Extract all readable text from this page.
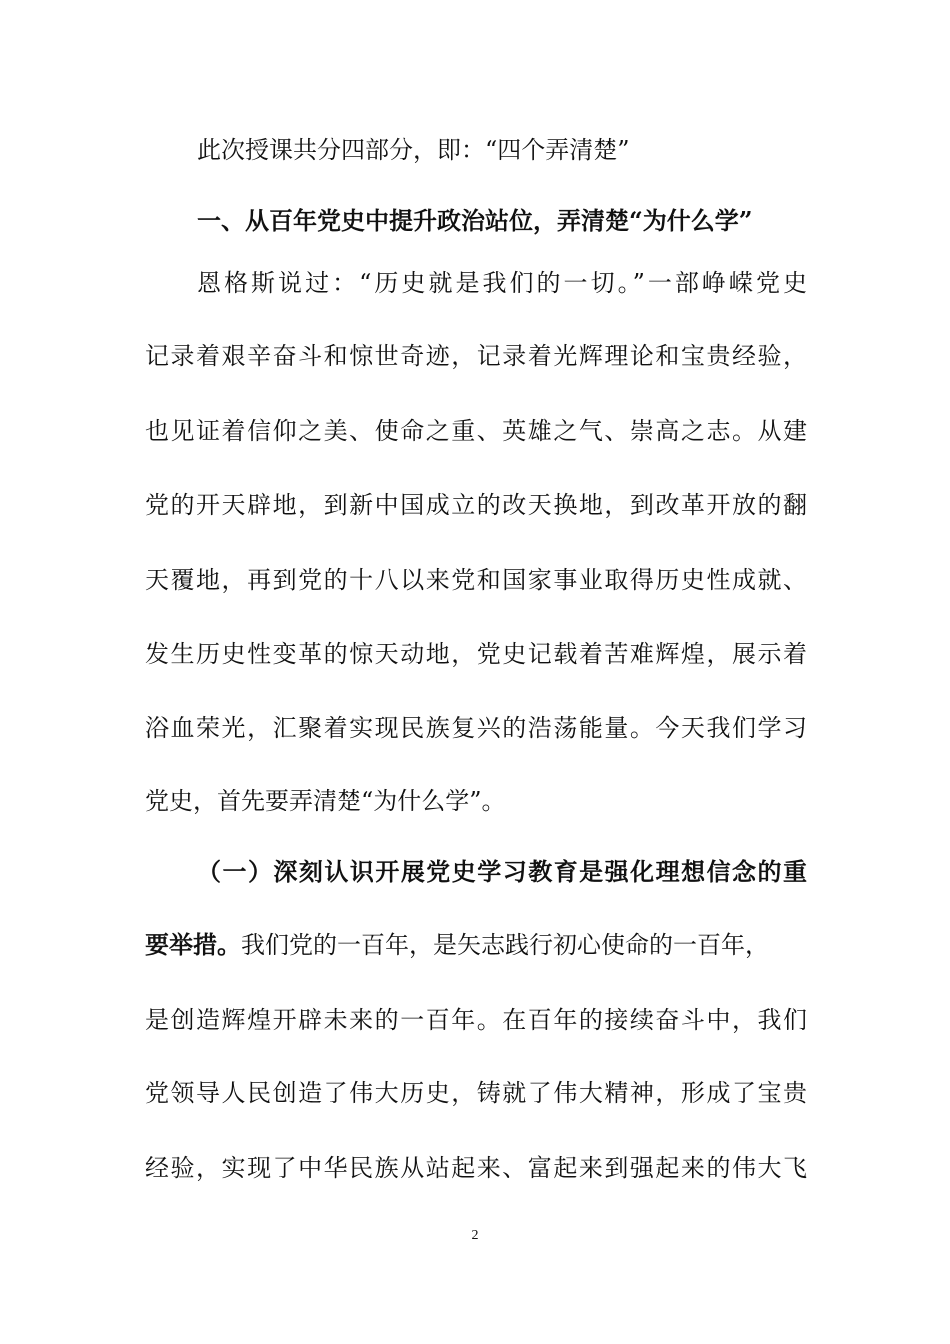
此次授课共分四部分，即：“四个弄清楚”
一、从百年党史中提升政治站位，弄清楚“为什么学”
恩格斯说过：“历史就是我们的一切。”一部峥嵘党史
记录着艰辛奋斗和惊世奇迹，记录着光辉理论和宝贵经验，
也见证着信仰之美、使命之重、英雄之气、崇高之志。从建
党的开天辟地，到新中国成立的改天换地，到改革开放的翻
天覆地，再到党的十八以来党和国家事业取得历史性成就、
发生历史性变革的惊天动地，党史记载着苦难辉煌，展示着
浴血荣光，汇聚着实现民族复兴的浩荡能量。今天我们学习
党史，首先要弄清楚“为什么学”。
（一）深刻认识开展党史学习教育是强化理想信念的重
要举措。我们党的一百年，是矢志践行初心使命的一百年，
是创造辉煌开辟未来的一百年。在百年的接续奋斗中，我们
党领导人民创造了伟大历史，铸就了伟大精神，形成了宝贵
经验，实现了中华民族从站起来、富起来到强起来的伟大飞
2
